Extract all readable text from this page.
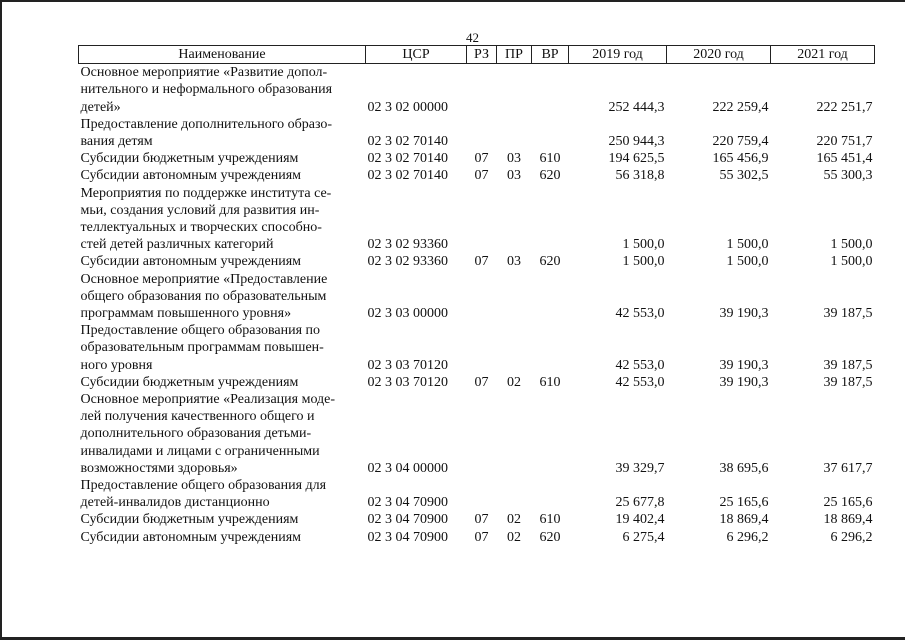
42
Наименование	ЦСР	РЗ	ПР	ВР	2019 год	2020 год	2021 год

Основное мероприятие «Развитие допол-
нительного и неформального образования
детей»	02 3 02 00000				252 444,3	222 259,4	222 251,7

Предоставление дополнительного образо-
вания детям	02 3 02 70140				250 944,3	220 759,4	220 751,7

Субсидии бюджетным учреждениям	02 3 02 70140	07	03	610	194 625,5	165 456,9	165 451,4

Субсидии автономным учреждениям	02 3 02 70140	07	03	620	56 318,8	55 302,5	55 300,3

Мероприятия по поддержке института се-
мьи, создания условий для развития ин-
теллектуальных и творческих способно-
стей детей различных категорий	02 3 02 93360				1 500,0	1 500,0	1 500,0

Субсидии автономным учреждениям	02 3 02 93360	07	03	620	1 500,0	1 500,0	1 500,0

Основное мероприятие «Предоставление
общего образования по образовательным
программам повышенного уровня»	02 3 03 00000				42 553,0	39 190,3	39 187,5

Предоставление общего образования по
образовательным программам повышен-
ного уровня	02 3 03 70120				42 553,0	39 190,3	39 187,5

Субсидии бюджетным учреждениям	02 3 03 70120	07	02	610	42 553,0	39 190,3	39 187,5

Основное мероприятие «Реализация моде-
лей получения качественного общего и
дополнительного образования детьми-
инвалидами и лицами с ограниченными
возможностями здоровья»	02 3 04 00000				39 329,7	38 695,6	37 617,7

Предоставление общего образования для
детей-инвалидов дистанционно	02 3 04 70900				25 677,8	25 165,6	25 165,6

Субсидии бюджетным учреждениям	02 3 04 70900	07	02	610	19 402,4	18 869,4	18 869,4

Субсидии автономным учреждениям	02 3 04 70900	07	02	620	6 275,4	6 296,2	6 296,2
